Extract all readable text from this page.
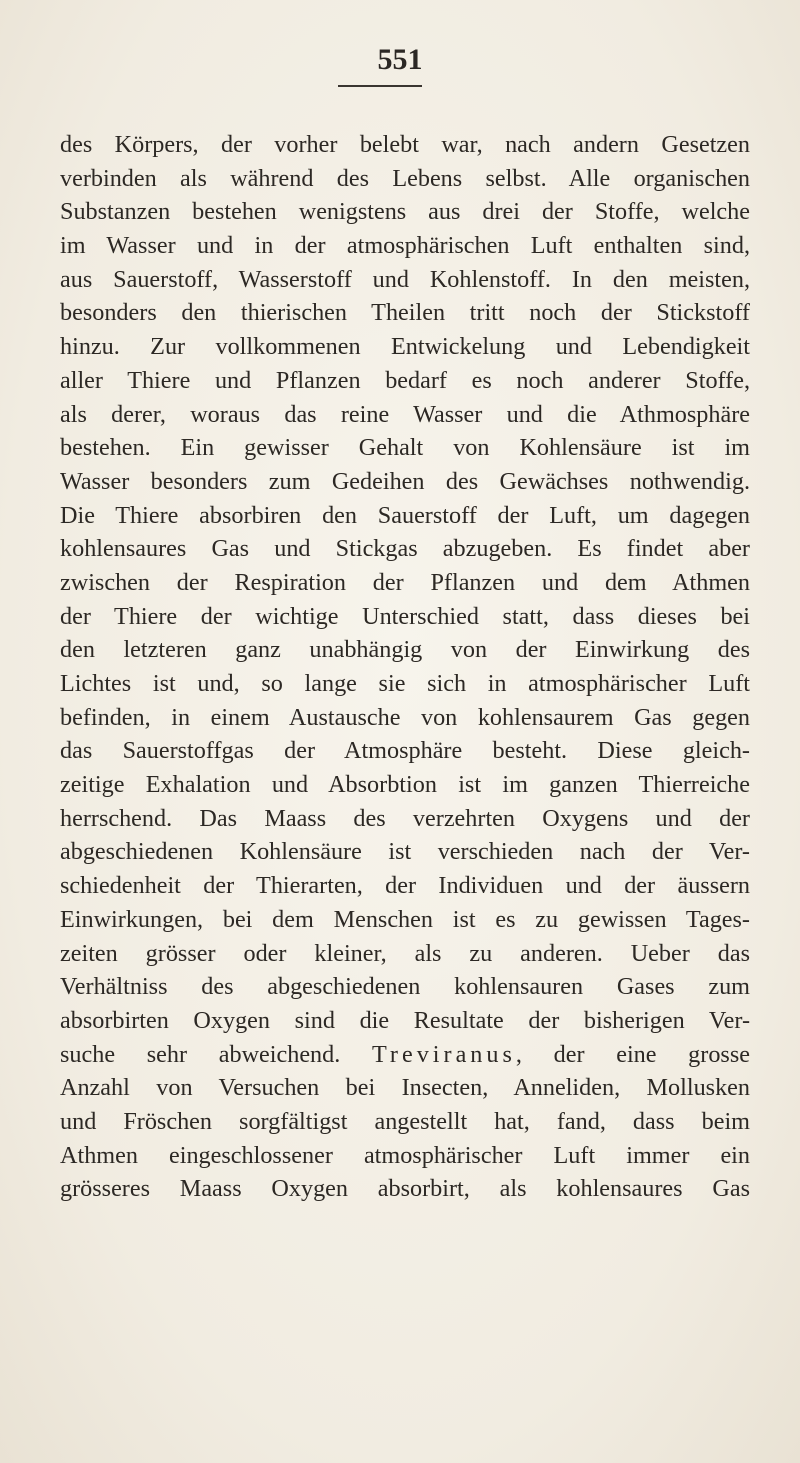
551
des Körpers, der vorher belebt war, nach andern Gesetzen
verbinden als während des Lebens selbst. Alle organischen
Substanzen bestehen wenigstens aus drei der Stoffe, welche
im Wasser und in der atmosphärischen Luft enthalten sind,
aus Sauerstoff, Wasserstoff und Kohlenstoff. In den meisten,
besonders den thierischen Theilen tritt noch der Stickstoff
hinzu. Zur vollkommenen Entwickelung und Lebendigkeit
aller Thiere und Pflanzen bedarf es noch anderer Stoffe,
als derer, woraus das reine Wasser und die Athmosphäre
bestehen. Ein gewisser Gehalt von Kohlensäure ist im
Wasser besonders zum Gedeihen des Gewächses nothwendig.
Die Thiere absorbiren den Sauerstoff der Luft, um dagegen
kohlensaures Gas und Stickgas abzugeben. Es findet aber
zwischen der Respiration der Pflanzen und dem Athmen
der Thiere der wichtige Unterschied statt, dass dieses bei
den letzteren ganz unabhängig von der Einwirkung des
Lichtes ist und, so lange sie sich in atmosphärischer Luft
befinden, in einem Austausche von kohlensaurem Gas gegen
das Sauerstoffgas der Atmosphäre besteht. Diese gleich-
zeitige Exhalation und Absorbtion ist im ganzen Thierreiche
herrschend. Das Maass des verzehrten Oxygens und der
abgeschiedenen Kohlensäure ist verschieden nach der Ver-
schiedenheit der Thierarten, der Individuen und der äussern
Einwirkungen, bei dem Menschen ist es zu gewissen Tages-
zeiten grösser oder kleiner, als zu anderen. Ueber das
Verhältniss des abgeschiedenen kohlensauren Gases zum
absorbirten Oxygen sind die Resultate der bisherigen Ver-
suche sehr abweichend. Treviranus, der eine grosse
Anzahl von Versuchen bei Insecten, Anneliden, Mollusken
und Fröschen sorgfältigst angestellt hat, fand, dass beim
Athmen eingeschlossener atmosphärischer Luft immer ein
grösseres Maass Oxygen absorbirt, als kohlensaures Gas
